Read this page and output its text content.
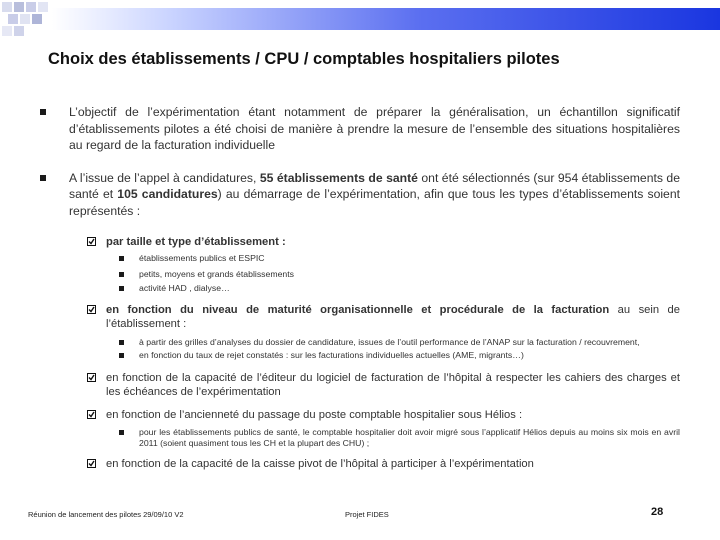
Choix des établissements / CPU / comptables hospitaliers pilotes
L’objectif de l’expérimentation étant notamment de préparer la généralisation, un échantillon significatif d’établissements pilotes a été choisi de manière à prendre la mesure de l’ensemble des situations hospitalières au regard de la facturation individuelle
A l’issue de l’appel à candidatures, 55 établissements de santé ont été sélectionnés (sur 954 établissements de santé et 105 candidatures) au démarrage de l’expérimentation, afin que tous les types d’établissements soient représentés :
par taille et type d’établissement :
établissements publics et ESPIC
petits, moyens et grands établissements
activité HAD , dialyse…
en fonction du niveau de maturité organisationnelle et procédurale de la facturation au sein de l’établissement :
à partir des grilles d’analyses du dossier de candidature, issues de l’outil performance de l’ANAP sur la facturation / recouvrement,
en fonction du taux de rejet constatés : sur les facturations individuelles actuelles (AME, migrants…)
en fonction de la capacité de l’éditeur du logiciel de facturation de l’hôpital à respecter les cahiers des charges et les échéances de l’expérimentation
en fonction de l’ancienneté du passage du poste comptable hospitalier sous Hélios :
pour les établissements publics de santé, le comptable hospitalier doit avoir migré sous l’applicatif Hélios depuis au moins six mois en avril 2011 (soient quasiment tous les CH et la plupart des CHU) ;
en fonction de la capacité de la caisse pivot de l’hôpital à participer à l’expérimentation
Réunion de lancement des pilotes 29/09/10 V2	Projet FIDES	28
